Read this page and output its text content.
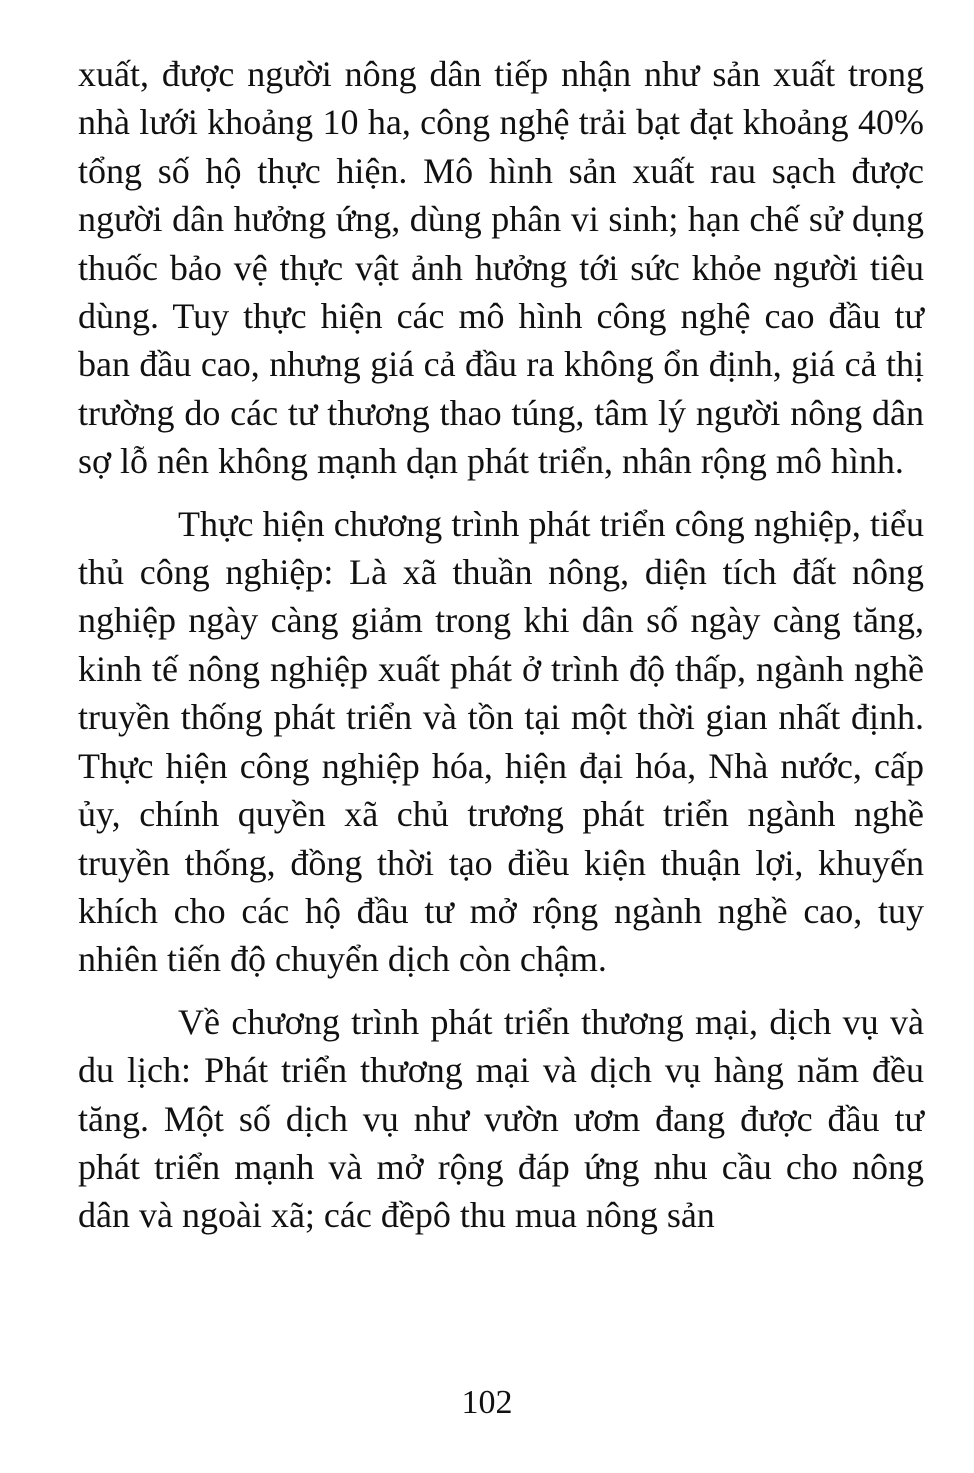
xuất, được người nông dân tiếp nhận như sản xuất trong nhà lưới khoảng 10 ha, công nghệ trải bạt đạt khoảng 40% tổng số hộ thực hiện. Mô hình sản xuất rau sạch được người dân hưởng ứng, dùng phân vi sinh; hạn chế sử dụng thuốc bảo vệ thực vật ảnh hưởng tới sức khỏe người tiêu dùng. Tuy thực hiện các mô hình công nghệ cao đầu tư ban đầu cao, nhưng giá cả đầu ra không ổn định, giá cả thị trường do các tư thương thao túng, tâm lý người nông dân sợ lỗ nên không mạnh dạn phát triển, nhân rộng mô hình.

Thực hiện chương trình phát triển công nghiệp, tiểu thủ công nghiệp: Là xã thuần nông, diện tích đất nông nghiệp ngày càng giảm trong khi dân số ngày càng tăng, kinh tế nông nghiệp xuất phát ở trình độ thấp, ngành nghề truyền thống phát triển và tồn tại một thời gian nhất định. Thực hiện công nghiệp hóa, hiện đại hóa, Nhà nước, cấp ủy, chính quyền xã chủ trương phát triển ngành nghề truyền thống, đồng thời tạo điều kiện thuận lợi, khuyến khích cho các hộ đầu tư mở rộng ngành nghề cao, tuy nhiên tiến độ chuyển dịch còn chậm.

Về chương trình phát triển thương mại, dịch vụ và du lịch: Phát triển thương mại và dịch vụ hàng năm đều tăng. Một số dịch vụ như vườn ươm đang được đầu tư phát triển mạnh và mở rộng đáp ứng nhu cầu cho nông dân và ngoài xã; các đềpô thu mua nông sản

102
